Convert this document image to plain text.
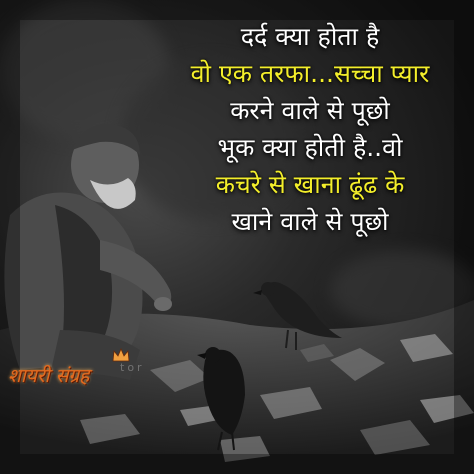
दर्द क्या होता है
वो एक तरफा...सच्चा प्यार
करने वाले से पूछो
भूक क्या होती है..वो
कचरे से खाना ढूंढ के
खाने वाले से पूछो
शायरी संग्रह	tor
